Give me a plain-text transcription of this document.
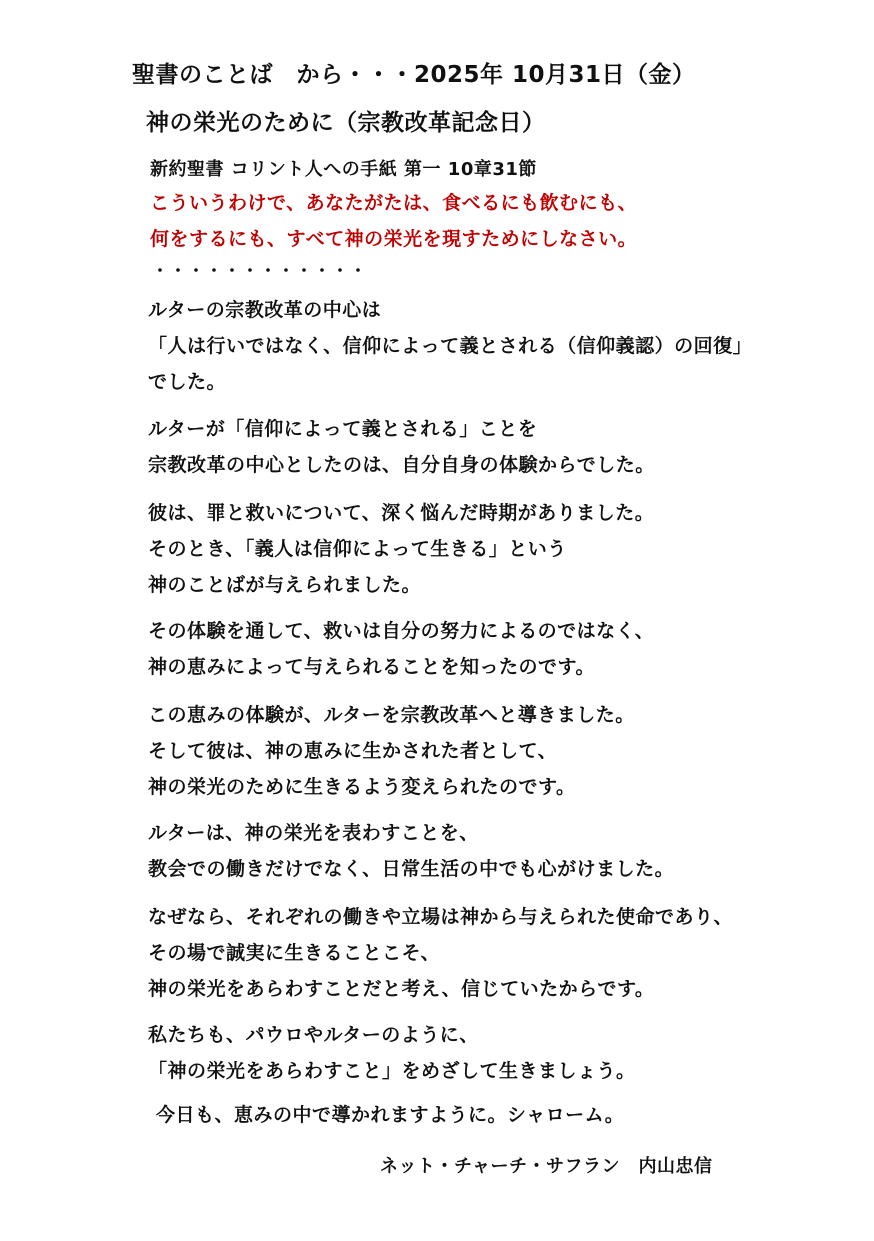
聖書のことば　から・・・2025年 10月31日（金）
神の栄光のために（宗教改革記念日）
新約聖書 コリント人への手紙 第一 10章31節
こういうわけで、あなたがたは、食べるにも飲むにも、
何をするにも、すべて神の栄光を現すためにしなさい。
・・・・・・・・・・・・
ルターの宗教改革の中心は
「人は行いではなく、信仰によって義とされる（信仰義認）の回復」
でした。
ルターが「信仰によって義とされる」ことを
宗教改革の中心としたのは、自分自身の体験からでした。
彼は、罪と救いについて、深く悩んだ時期がありました。
そのとき、「義人は信仰によって生きる」という
神のことばが与えられました。
その体験を通して、救いは自分の努力によるのではなく、
神の恵みによって与えられることを知ったのです。
この恵みの体験が、ルターを宗教改革へと導きました。
そして彼は、神の恵みに生かされた者として、
神の栄光のために生きるよう変えられたのです。
ルターは、神の栄光を表わすことを、
教会での働きだけでなく、日常生活の中でも心がけました。
なぜなら、それぞれの働きや立場は神から与えられた使命であり、
その場で誠実に生きることこそ、
神の栄光をあらわすことだと考え、信じていたからです。
私たちも、パウロやルターのように、
「神の栄光をあらわすこと」をめざして生きましょう。
今日も、恵みの中で導かれますように。シャローム。
ネット・チャーチ・サフラン　内山忠信
